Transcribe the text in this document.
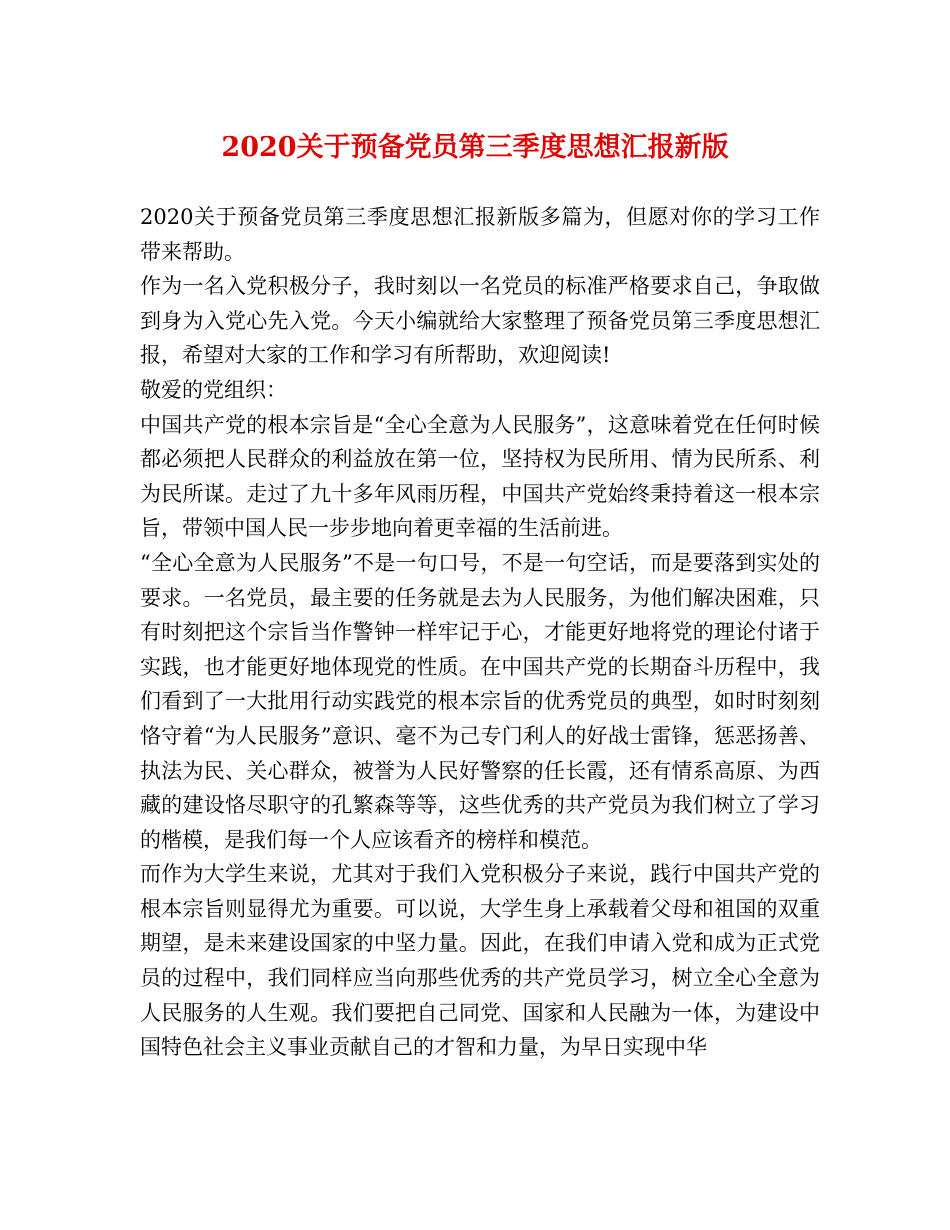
2020关于预备党员第三季度思想汇报新版

2020关于预备党员第三季度思想汇报新版多篇为，但愿对你的学习工作带来帮助。

作为一名入党积极分子，我时刻以一名党员的标准严格要求自己，争取做到身为入党心先入党。今天小编就给大家整理了预备党员第三季度思想汇报，希望对大家的工作和学习有所帮助，欢迎阅读!

敬爱的党组织：

中国共产党的根本宗旨是“全心全意为人民服务”，这意味着党在任何时候都必须把人民群众的利益放在第一位，坚持权为民所用、情为民所系、利为民所谋。走过了九十多年风雨历程，中国共产党始终秉持着这一根本宗旨，带领中国人民一步步地向着更幸福的生活前进。

“全心全意为人民服务”不是一句口号，不是一句空话，而是要落到实处的要求。一名党员，最主要的任务就是去为人民服务，为他们解决困难，只有时刻把这个宗旨当作警钟一样牢记于心，才能更好地将党的理论付诸于实践，也才能更好地体现党的性质。在中国共产党的长期奋斗历程中，我们看到了一大批用行动实践党的根本宗旨的优秀党员的典型，如时时刻刻恪守着“为人民服务”意识、毫不为己专门利人的好战士雷锋，惩恶扬善、执法为民、关心群众，被誉为人民好警察的任长霞，还有情系高原、为西藏的建设恪尽职守的孔繁森等等，这些优秀的共产党员为我们树立了学习的楷模，是我们每一个人应该看齐的榜样和模范。

而作为大学生来说，尤其对于我们入党积极分子来说，践行中国共产党的根本宗旨则显得尤为重要。可以说，大学生身上承载着父母和祖国的双重期望，是未来建设国家的中坚力量。因此，在我们申请入党和成为正式党员的过程中，我们同样应当向那些优秀的共产党员学习，树立全心全意为人民服务的人生观。我们要把自己同党、国家和人民融为一体，为建设中国特色社会主义事业贡献自己的才智和力量，为早日实现中华
